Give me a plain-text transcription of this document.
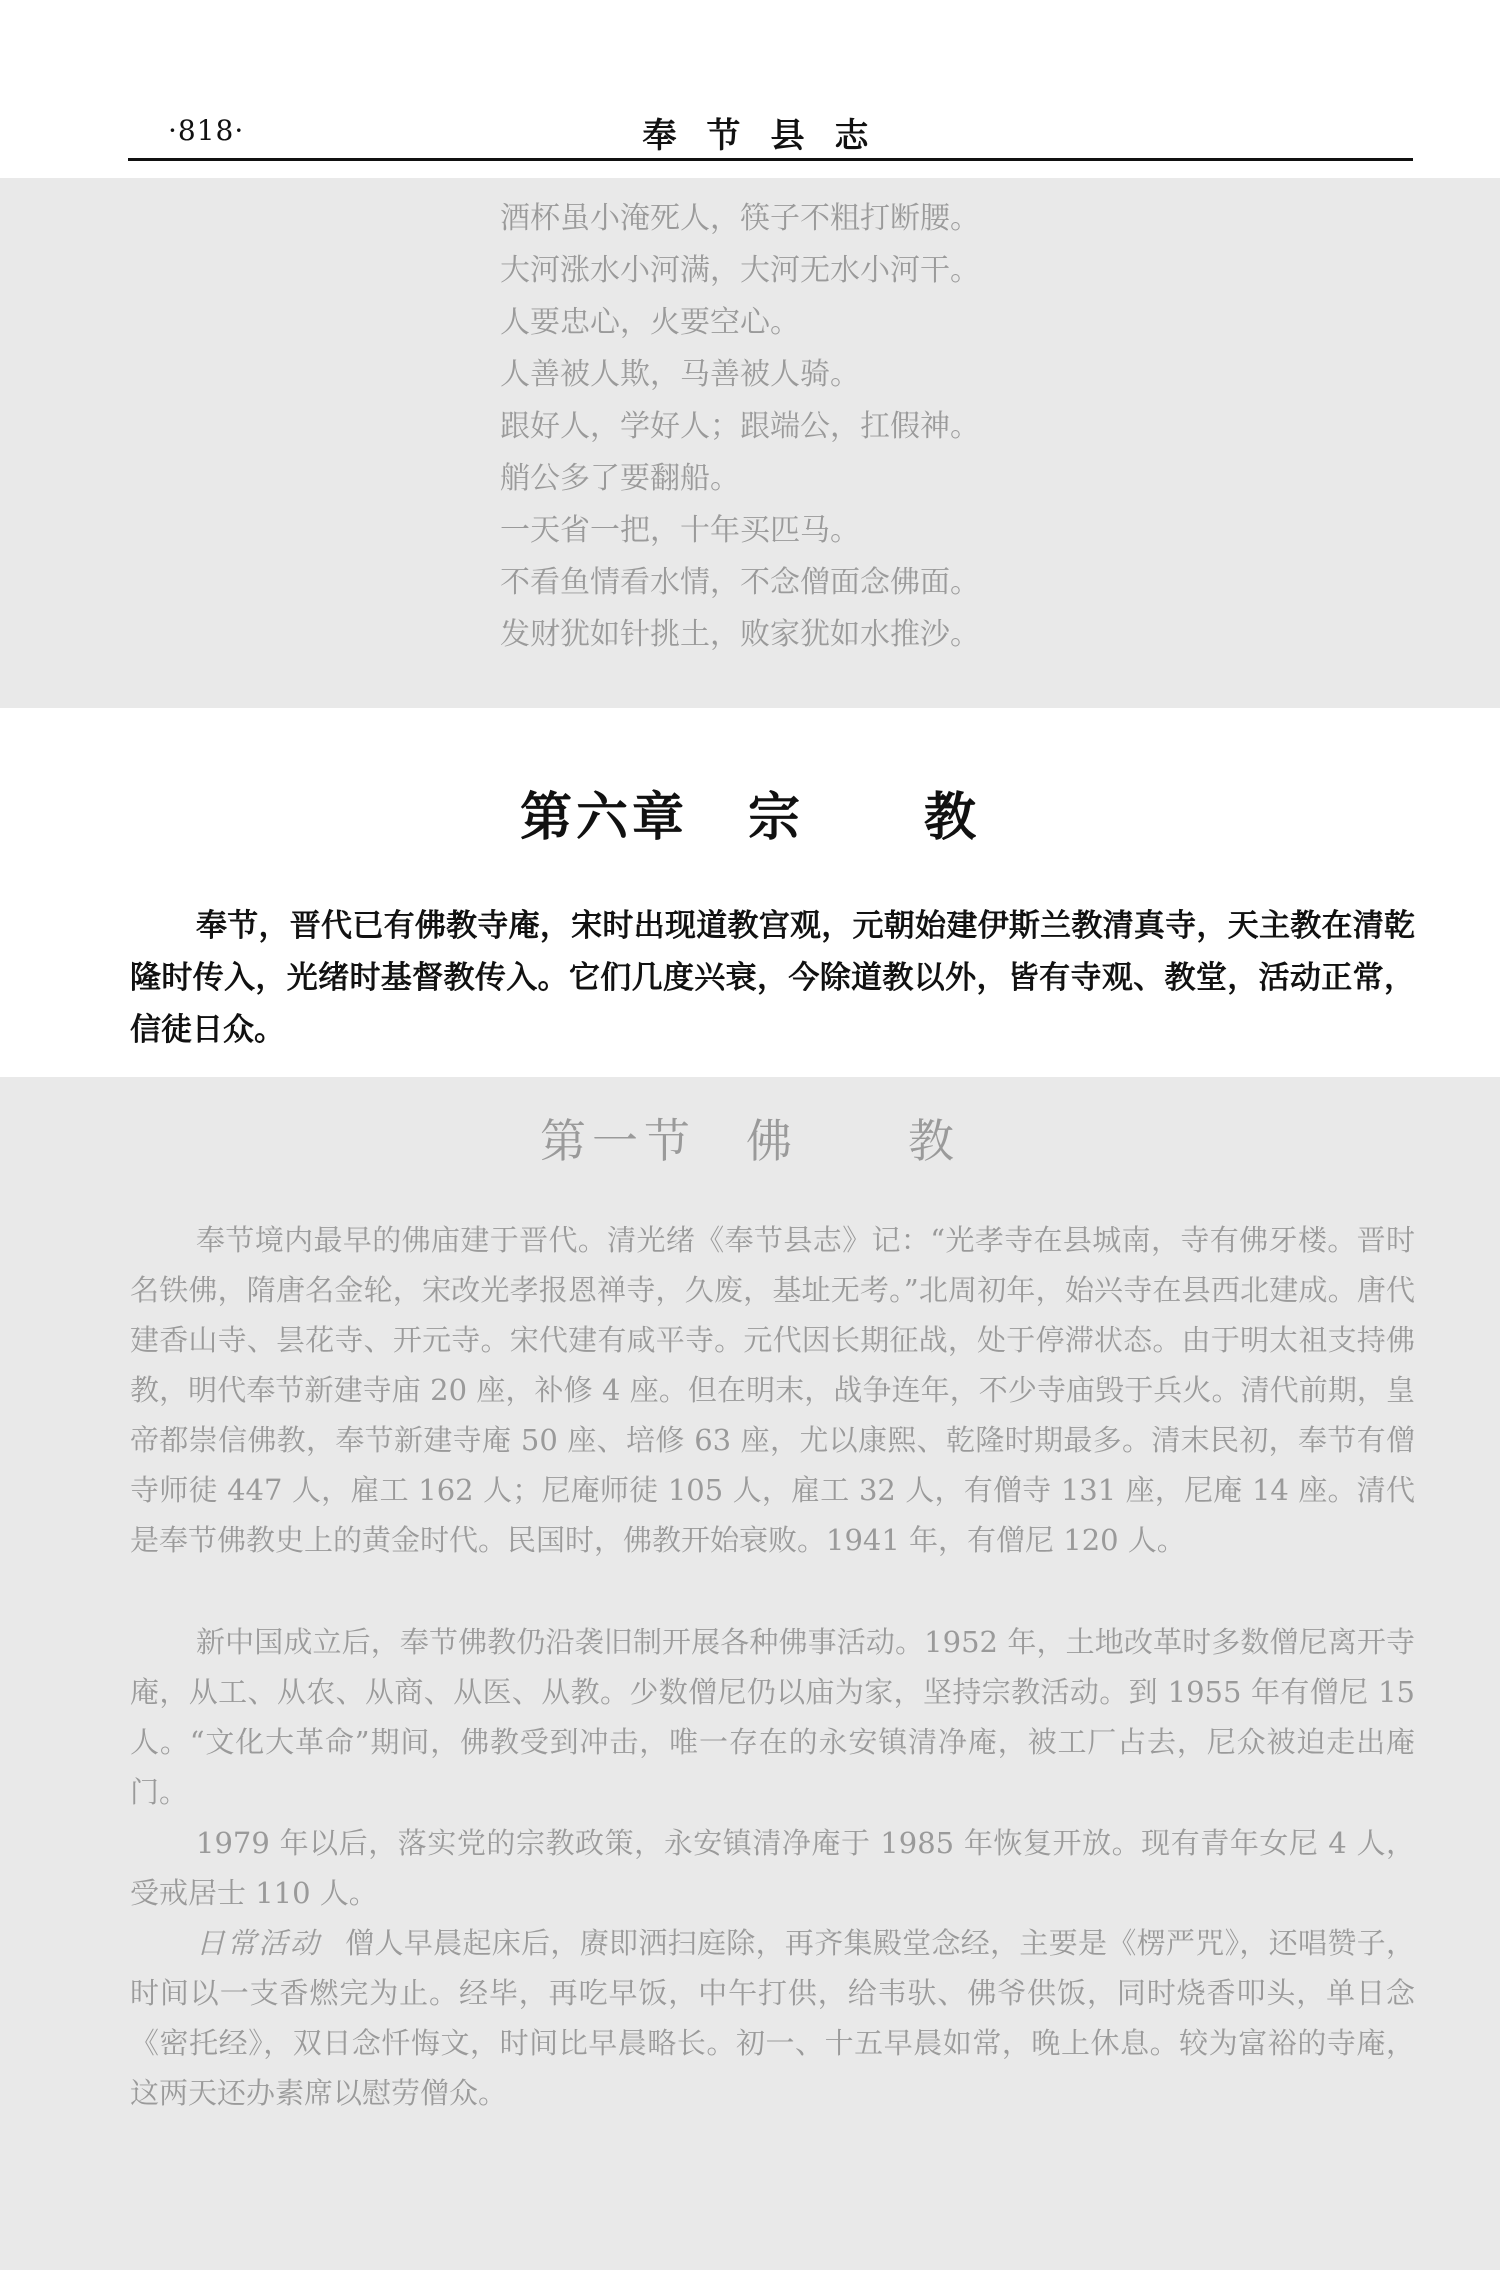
·818·	奉节县志
酒杯虽小淹死人，筷子不粗打断腰。
大河涨水小河满，大河无水小河干。
人要忠心，火要空心。
人善被人欺，马善被人骑。
跟好人，学好人；跟端公，扛假神。
艄公多了要翻船。
一天省一把，十年买匹马。
不看鱼情看水情，不念僧面念佛面。
发财犹如针挑土，败家犹如水推沙。
第六章 宗 教

奉节，晋代已有佛教寺庵，宋时出现道教宫观，元朝始建伊斯兰教清真寺，天主教在清乾隆时传入，光绪时基督教传入。它们几度兴衰，今除道教以外，皆有寺观、教堂，活动正常，信徒日众。

第一节 佛 教

奉节境内最早的佛庙建于晋代。清光绪《奉节县志》记：“光孝寺在县城南，寺有佛牙楼。晋时名铁佛，隋唐名金轮，宋改光孝报恩禅寺，久废，基址无考。”北周初年，始兴寺在县西北建成。唐代建香山寺、昙花寺、开元寺。宋代建有咸平寺。元代因长期征战，处于停滞状态。由于明太祖支持佛教，明代奉节新建寺庙 20 座，补修 4 座。但在明末，战争连年，不少寺庙毁于兵火。清代前期，皇帝都崇信佛教，奉节新建寺庵 50 座、培修 63 座，尤以康熙、乾隆时期最多。清末民初，奉节有僧寺师徒 447 人，雇工 162 人；尼庵师徒 105 人，雇工 32 人，有僧寺 131 座，尼庵 14 座。清代是奉节佛教史上的黄金时代。民国时，佛教开始衰败。1941 年，有僧尼 120 人。

新中国成立后，奉节佛教仍沿袭旧制开展各种佛事活动。1952 年，土地改革时多数僧尼离开寺庵，从工、从农、从商、从医、从教。少数僧尼仍以庙为家，坚持宗教活动。到 1955 年有僧尼 15 人。“文化大革命”期间，佛教受到冲击，唯一存在的永安镇清净庵，被工厂占去，尼众被迫走出庵门。

1979 年以后，落实党的宗教政策，永安镇清净庵于 1985 年恢复开放。现有青年女尼 4 人，受戒居士 110 人。

日常活动 僧人早晨起床后，赓即洒扫庭除，再齐集殿堂念经，主要是《楞严咒》，还唱赞子，时间以一支香燃完为止。经毕，再吃早饭，中午打供，给韦驮、佛爷供饭，同时烧香叩头，单日念《密托经》，双日念忏悔文，时间比早晨略长。初一、十五早晨如常，晚上休息。较为富裕的寺庵，这两天还办素席以慰劳僧众。
